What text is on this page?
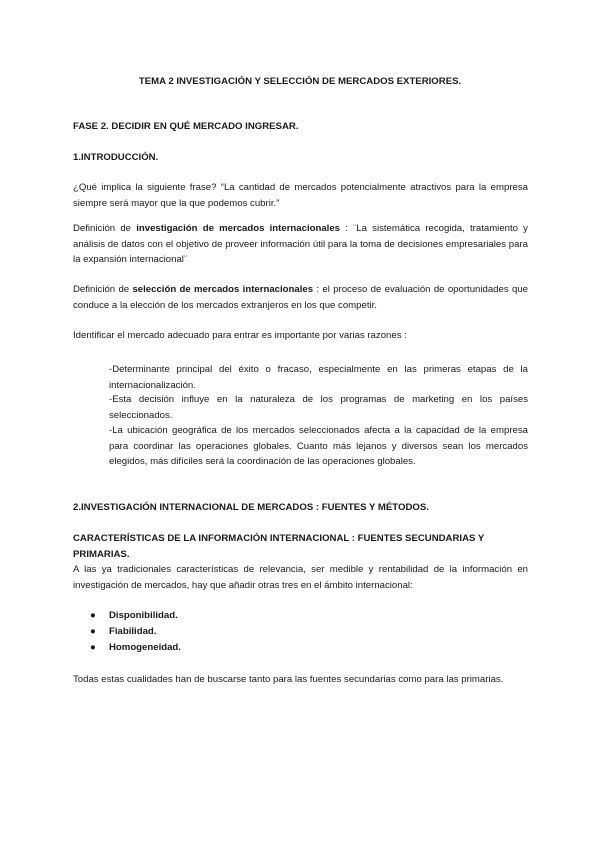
TEMA 2 INVESTIGACIÓN Y SELECCIÓN DE MERCADOS EXTERIORES.

FASE 2. DECIDIR EN QUÉ MERCADO INGRESAR.

1.INTRODUCCIÓN.

¿Qué implica la siguiente frase? “La cantidad de mercados potencialmente atractivos para la empresa siempre será mayor que la que podemos cubrir.”

Definición de investigación de mercados internacionales : ¨La sistemática recogida, tratamiento y análisis de datos con el objetivo de proveer información útil para la toma de decisiones empresariales para la expansión internacional¨

Definición de selección de mercados internacionales : el proceso de evaluación de oportunidades que conduce a la elección de los mercados extranjeros en los que competir.

Identificar el mercado adecuado para entrar es importante por varias razones :

-Determinante principal del éxito o fracaso, especialmente en las primeras etapas de la internacionalización.

-Esta decisión influye en la naturaleza de los programas de marketing en los países seleccionados.

-La ubicación geográfica de los mercados seleccionados afecta a la capacidad de la empresa para coordinar las operaciones globales. Cuanto más lejanos y diversos sean los mercados elegidos, más difíciles será la coordinación de las operaciones globales.

2.INVESTIGACIÓN INTERNACIONAL DE MERCADOS : FUENTES Y MÉTODOS.

CARACTERÍSTICAS DE LA INFORMACIÓN INTERNACIONAL : FUENTES SECUNDARIAS Y PRIMARIAS.

A las ya tradicionales características de relevancia, ser medible y rentabilidad de la información en investigación de mercados, hay que añadir otras tres en el ámbito internacional:

● Disponibilidad.
● Fiabilidad.
● Homogeneidad.

Todas estas cualidades han de buscarse tanto para las fuentes secundarias como para las primarias.
